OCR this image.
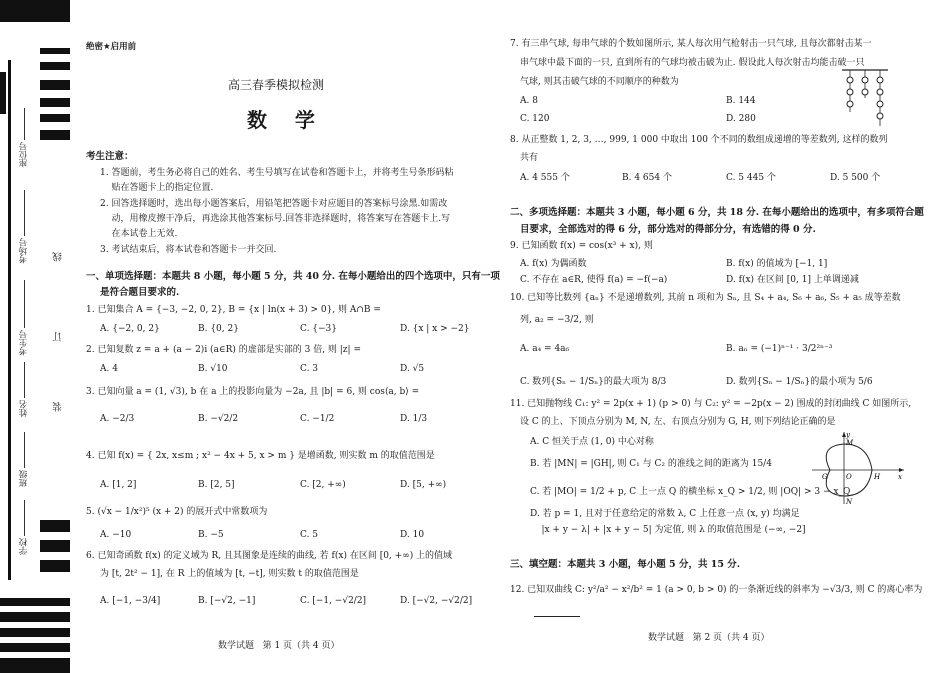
座位号
考场号
考生号
姓名
班级
学校
线
订
装
绝密★启用前
高三春季模拟检测
数    学
考生注意：
1. 答题前，考生务必将自己的姓名、考生号填写在试卷和答题卡上，并将考生号条形码粘
贴在答题卡上的指定位置.
2. 回答选择题时，选出每小题答案后，用铅笔把答题卡对应题目的答案标号涂黑.如需改
动，用橡皮擦干净后，再选涂其他答案标号.回答非选择题时，将答案写在答题卡上.写
在本试卷上无效.
3. 考试结束后，将本试卷和答题卡一并交回.
一、单项选择题：本题共 8 小题，每小题 5 分，共 40 分. 在每小题给出的四个选项中，只有一项
是符合题目要求的.
1. 已知集合 A = {−3, −2, 0, 2}, B = {x | ln(x + 3) > 0}, 则 A∩B =
A. {−2, 0, 2}	B. {0, 2}	C. {−3}	D. {x | x > −2}
2. 已知复数 z = a + (a − 2)i (a∈R) 的虚部是实部的 3 倍, 则 |z| =
A. 4	B. √10	C. 3	D. √5
3. 已知向量 a = (1, √3), b 在 a 上的投影向量为 −2a, 且 |b| = 6, 则 cos⟨a, b⟩ =
A. −2/3	B. −√2/2	C. −1/2	D. 1/3
4. 已知 f(x) = { 2x, x≤m ; x² − 4x + 5, x > m } 是增函数, 则实数 m 的取值范围是
A. [1, 2]	B. [2, 5]	C. [2, +∞)	D. [5, +∞)
5. (√x − 1/x²)⁵ (x + 2) 的展开式中常数项为
A. −10	B. −5	C. 5	D. 10
6. 已知奇函数 f(x) 的定义域为 R, 且其图象是连续的曲线, 若 f(x) 在区间 [0, +∞) 上的值域
为 [t, 2t² − 1], 在 R 上的值域为 [t, −t], 则实数 t 的取值范围是
A. [−1, −3/4]	B. [−√2, −1]	C. [−1, −√2/2]	D. [−√2, −√2/2]
数学试题   第 1 页（共 4 页）
7. 有三串气球, 每串气球的个数如图所示, 某人每次用气枪射击一只气球, 且每次都射击某一
串气球中最下面的一只, 直到所有的气球均被击破为止. 假设此人每次射击均能击破一只
气球, 则其击破气球的不同顺序的种数为
A. 8	B. 144
C. 120	D. 280
8. 从正整数 1, 2, 3, …, 999, 1 000 中取出 100 个不同的数组成递增的等差数列, 这样的数列
共有
A. 4 555 个	B. 4 654 个	C. 5 445 个	D. 5 500 个
二、多项选择题：本题共 3 小题，每小题 6 分，共 18 分. 在每小题给出的选项中，有多项符合题
目要求，全部选对的得 6 分，部分选对的得部分分，有选错的得 0 分.
9. 已知函数 f(x) = cos(x³ + x), 则
A. f(x) 为偶函数	B. f(x) 的值域为 [−1, 1]
C. 不存在 a∈R, 使得 f(a) = −f(−a)	D. f(x) 在区间 [0, 1] 上单调递减
10. 已知等比数列 {aₙ} 不是递增数列, 其前 n 项和为 Sₙ, 且 S₄ + a₄, S₆ + a₆, S₅ + a₅ 成等差数
列, a₂ = −3/2, 则
A. a₄ = 4a₆	B. aₙ = (−1)ⁿ⁻¹ · 3/2²ⁿ⁻³
C. 数列{Sₙ − 1/Sₙ}的最大项为 8/3	D. 数列{Sₙ − 1/Sₙ}的最小项为 5/6
11. 已知抛物线 C₁: y² = 2p(x + 1) (p > 0) 与 C₂: y² = −2p(x − 2) 围成的封闭曲线 C 如图所示,
设 C 的上、下顶点分别为 M, N, 左、右顶点分别为 G, H, 则下列结论正确的是
A. C 恒关于点 (1, 0) 中心对称
B. 若 |MN| = |GH|, 则 C₁ 与 C₂ 的准线之间的距离为 15/4
C. 若 |MO| = 1/2 + p, C 上一点 Q 的横坐标 x_Q > 1/2, 则 |OQ| > 3 − x_Q
D. 若 p = 1, 且对于任意给定的常数 λ, C 上任意一点 (x, y) 均满足
|x + y − λ| + |x + y − 5| 为定值, 则 λ 的取值范围是 (−∞, −2]
y
M
G	O	H	x
N
三、填空题：本题共 3 小题，每小题 5 分，共 15 分.
12. 已知双曲线 C: y²/a² − x²/b² = 1 (a > 0, b > 0) 的一条渐近线的斜率为 −√3/3, 则 C 的离心率为
数学试题   第 2 页（共 4 页）
